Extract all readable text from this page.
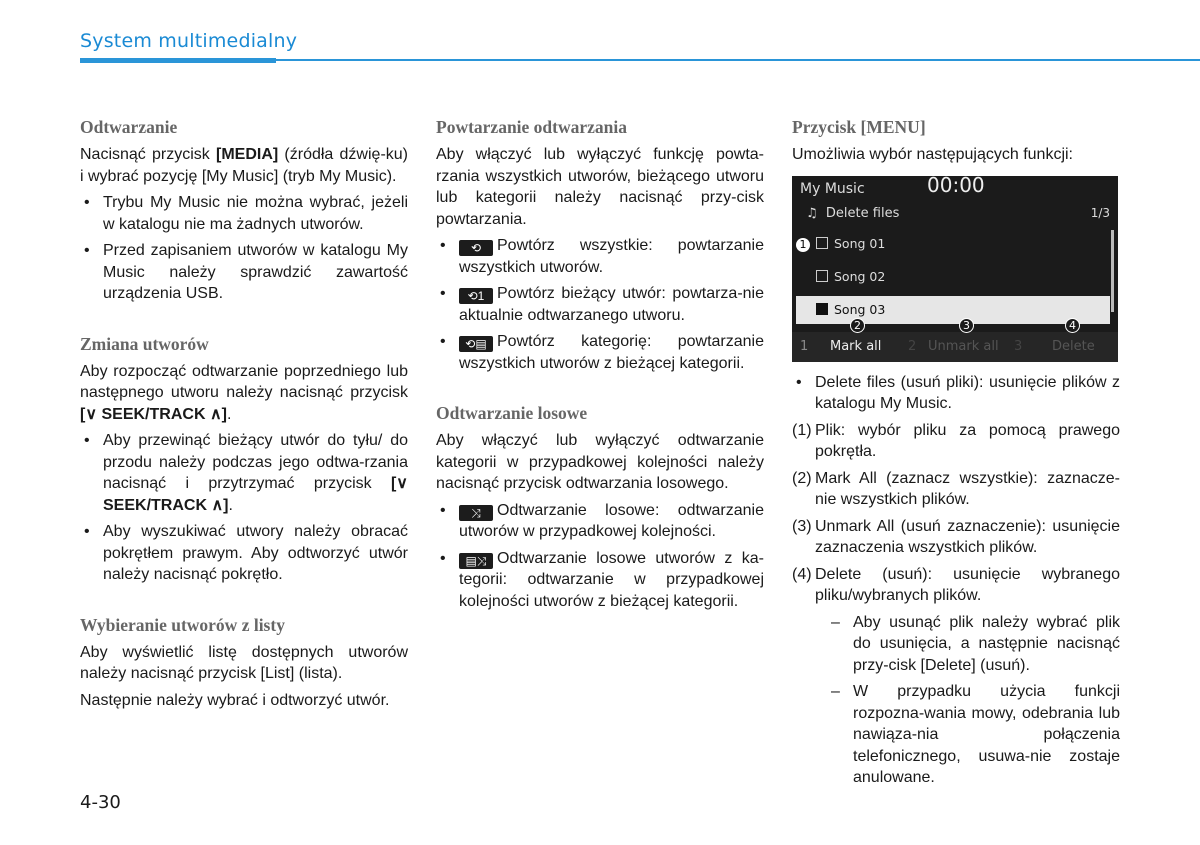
System multimedialny
Odtwarzanie

Nacisnąć przycisk [MEDIA] (źródła dźwię-ku) i wybrać pozycję [My Music] (tryb My Music).

• Trybu My Music nie można wybrać, jeżeli w katalogu nie ma żadnych utworów.
• Przed zapisaniem utworów w katalogu My Music należy sprawdzić zawartość urządzenia USB.
Zmiana utworów

Aby rozpocząć odtwarzanie poprzedniego lub następnego utworu należy nacisnąć przycisk [∨ SEEK/TRACK ∧].

• Aby przewinąć bieżący utwór do tyłu/ do przodu należy podczas jego odtwa-rzania nacisnąć i przytrzymać przycisk [∨ SEEK/TRACK ∧].
• Aby wyszukiwać utwory należy obracać pokrętłem prawym. Aby odtworzyć utwór należy nacisnąć pokrętło.
Wybieranie utworów z listy

Aby wyświetlić listę dostępnych utworów należy nacisnąć przycisk [List] (lista).

Następnie należy wybrać i odtworzyć utwór.

Powtarzanie odtwarzania

Aby włączyć lub wyłączyć funkcję powta-rzania wszystkich utworów, bieżącego utworu lub kategorii należy nacisnąć przy-cisk powtarzania.

• ⟲ Powtórz wszystkie: powtarzanie wszystkich utworów.
• ⟲1 Powtórz bieżący utwór: powtarza-nie aktualnie odtwarzanego utworu.
• ⟲▤ Powtórz kategorię: powtarzanie wszystkich utworów z bieżącej kategorii.
Odtwarzanie losowe

Aby włączyć lub wyłączyć odtwarzanie kategorii w przypadkowej kolejności należy nacisnąć przycisk odtwarzania losowego.

• ⤨ Odtwarzanie losowe: odtwarzanie utworów w przypadkowej kolejności.
• ▤⤨ Odtwarzanie losowe utworów z ka-tegorii: odtwarzanie w przypadkowej kolejności utworów z bieżącej kategorii.
Przycisk [MENU]

Umożliwia wybór następujących funkcji:

My Music	00:00
♫ Delete files	1/3
Song 01
Song 02
Song 03
1
1 Mark all 2 Unmark all 3 Delete
2	3	4
• Delete files (usuń pliki): usunięcie plików z katalogu My Music.
(1) Plik: wybór pliku za pomocą prawego pokrętła.
(2) Mark All (zaznacz wszystkie): zaznacze-nie wszystkich plików.
(3) Unmark All (usuń zaznaczenie): usunięcie zaznaczenia wszystkich plików.
(4) Delete (usuń): usunięcie wybranego pliku/wybranych plików.
– Aby usunąć plik należy wybrać plik do usunięcia, a następnie nacisnąć przy-cisk [Delete] (usuń).
– W przypadku użycia funkcji rozpozna-wania mowy, odebrania lub nawiąza-nia połączenia telefonicznego, usuwa-nie zostaje anulowane.
4-30
